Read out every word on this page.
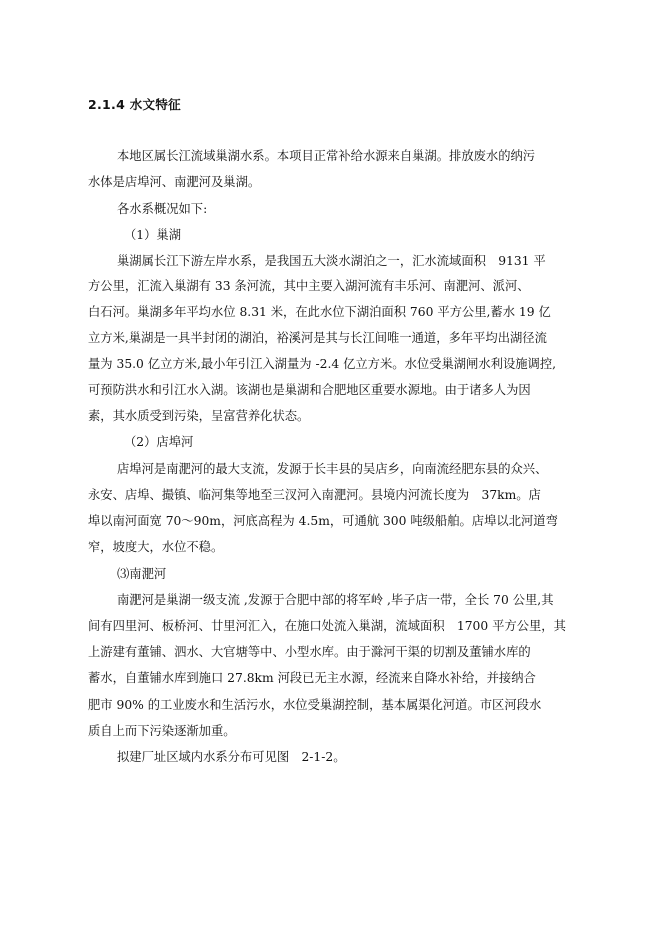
2.1.4 水文特征
本地区属长江流域巢湖水系。本项目正常补给水源来自巢湖。排放废水的纳污
水体是店埠河、南淝河及巢湖。
各水系概况如下:
（1）巢湖
巢湖属长江下游左岸水系，是我国五大淡水湖泊之一，汇水流域面积　9131 平
方公里，汇流入巢湖有 33 条河流，其中主要入湖河流有丰乐河、南淝河、派河、
白石河。巢湖多年平均水位 8.31 米，在此水位下湖泊面积 760 平方公里,蓄水 19 亿
立方米,巢湖是一具半封闭的湖泊，裕溪河是其与长江间唯一通道，多年平均出湖径流
量为 35.0 亿立方米,最小年引江入湖量为 -2.4 亿立方米。水位受巢湖闸水利设施调控,
可预防洪水和引江水入湖。该湖也是巢湖和合肥地区重要水源地。由于诸多人为因
素，其水质受到污染，呈富营养化状态。
（2）店埠河
店埠河是南淝河的最大支流，发源于长丰县的吴店乡，向南流经肥东县的众兴、
永安、店埠、撮镇、临河集等地至三汊河入南淝河。县境内河流长度为　37km。店
埠以南河面宽 70～90m，河底高程为 4.5m，可通航 300 吨级船舶。店埠以北河道弯
窄，坡度大，水位不稳。
⑶南淝河
南淝河是巢湖一级支流 ,发源于合肥中部的将军岭 ,毕子店一带，全长 70 公里,其
间有四里河、板桥河、廿里河汇入，在施口处流入巢湖，流域面积　1700 平方公里，其
上游建有董铺、泗水、大官塘等中、小型水库。由于滁河干渠的切割及董铺水库的
蓄水，自董铺水库到施口 27.8km 河段已无主水源，经流来自降水补给，并接纳合
肥市 90% 的工业废水和生活污水，水位受巢湖控制，基本属渠化河道。市区河段水
质自上而下污染逐渐加重。
拟建厂址区域内水系分布可见图　2-1-2。
